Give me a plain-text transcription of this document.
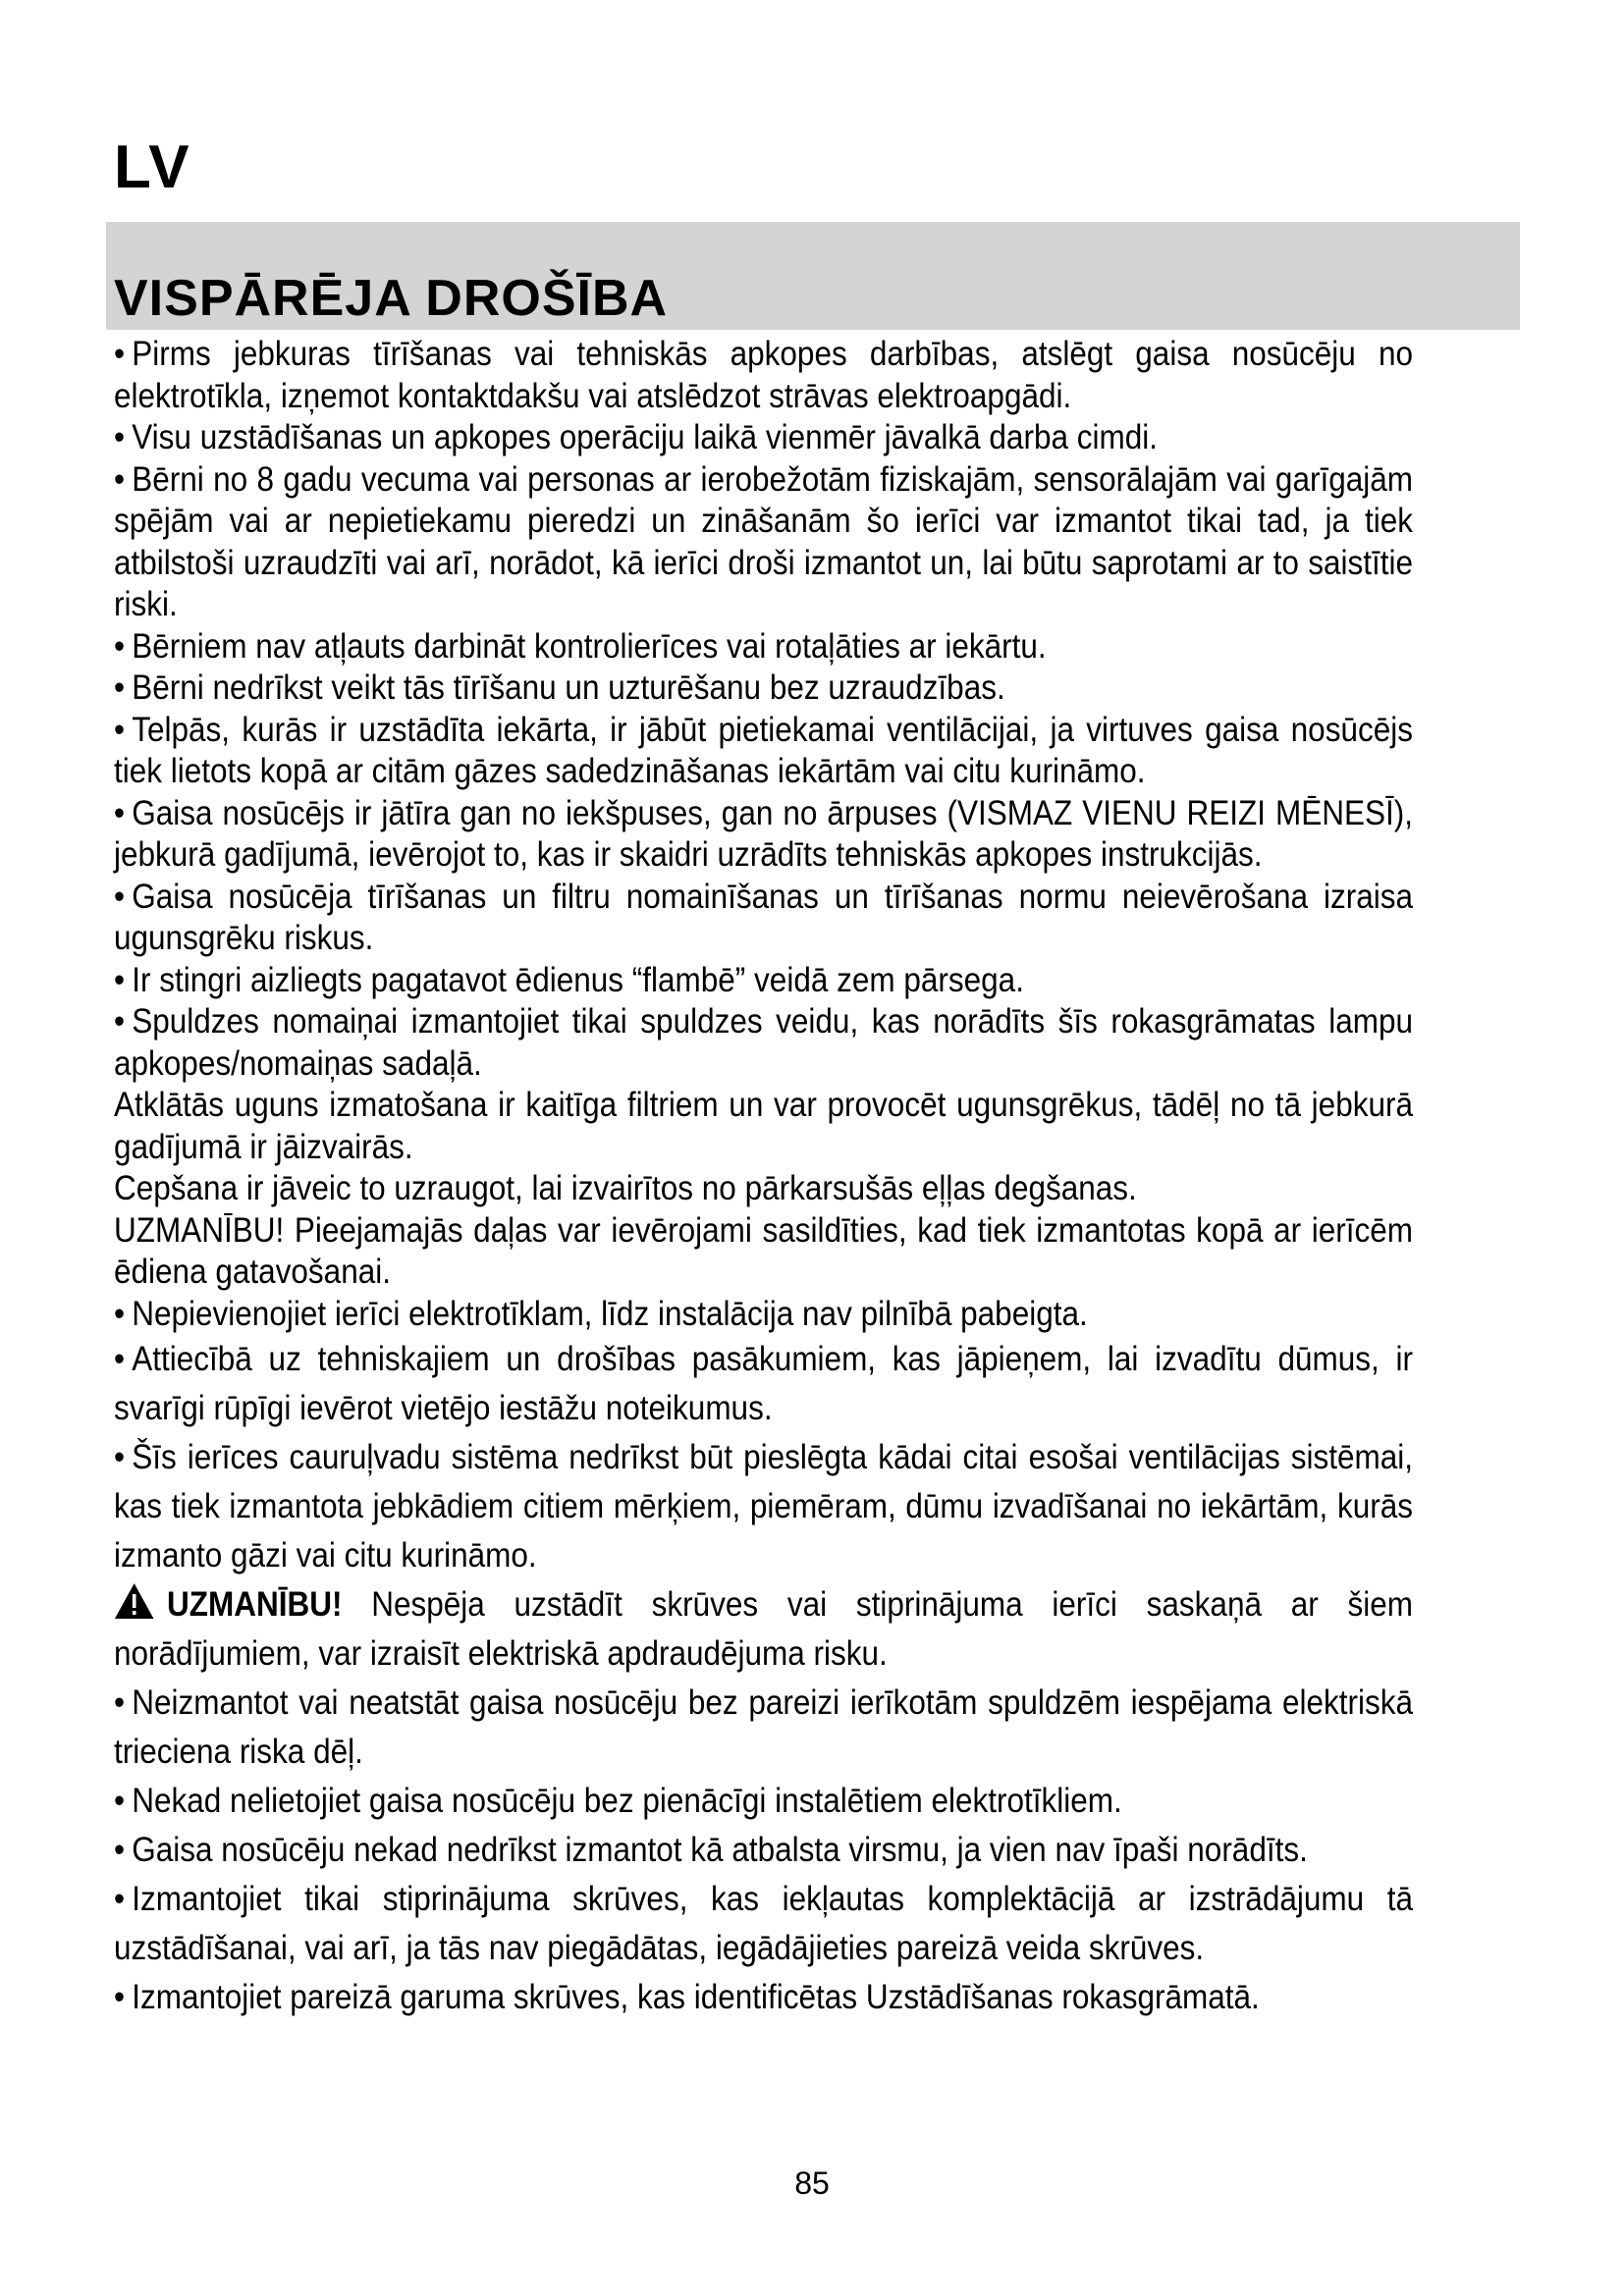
LV
VISPĀRĒJA DROŠĪBA

• Pirms jebkuras tīrīšanas vai tehniskās apkopes darbības, atslēgt gaisa nosūcēju no elektrotīkla, izņemot kontaktdakšu vai atslēdzot strāvas elektroapgādi.

• Visu uzstādīšanas un apkopes operāciju laikā vienmēr jāvalkā darba cimdi.

• Bērni no 8 gadu vecuma vai personas ar ierobežotām fiziskajām, sensorālajām vai garīgajām spējām vai ar nepietiekamu pieredzi un zināšanām šo ierīci var izmantot tikai tad, ja tiek atbilstoši uzraudzīti vai arī, norādot, kā ierīci droši izmantot un, lai būtu saprotami ar to saistītie riski.

• Bērniem nav atļauts darbināt kontrolierīces vai rotaļāties ar iekārtu.

• Bērni nedrīkst veikt tās tīrīšanu un uzturēšanu bez uzraudzības.

• Telpās, kurās ir uzstādīta iekārta, ir jābūt pietiekamai ventilācijai, ja virtuves gaisa nosūcējs tiek lietots kopā ar citām gāzes sadedzināšanas iekārtām vai citu kurināmo.

• Gaisa nosūcējs ir jātīra gan no iekšpuses, gan no ārpuses (VISMAZ VIENU REIZI MĒNESĪ), jebkurā gadījumā, ievērojot to, kas ir skaidri uzrādīts tehniskās apkopes instrukcijās.

• Gaisa nosūcēja tīrīšanas un filtru nomainīšanas un tīrīšanas normu neievērošana izraisa ugunsgrēku riskus.

• Ir stingri aizliegts pagatavot ēdienus “flambē” veidā zem pārsega.

• Spuldzes nomaiņai izmantojiet tikai spuldzes veidu, kas norādīts šīs rokasgrāmatas lampu apkopes/nomaiņas sadaļā.

Atklātās uguns izmatošana ir kaitīga filtriem un var provocēt ugunsgrēkus, tādēļ no tā jebkurā gadījumā ir jāizvairās.

Cepšana ir jāveic to uzraugot, lai izvairītos no pārkarsušās eļļas degšanas.

UZMANĪBU! Pieejamajās daļas var ievērojami sasildīties, kad tiek izmantotas kopā ar ierīcēm ēdiena gatavošanai.

• Nepievienojiet ierīci elektrotīklam, līdz instalācija nav pilnībā pabeigta.

• Attiecībā uz tehniskajiem un drošības pasākumiem, kas jāpieņem, lai izvadītu dūmus, ir svarīgi rūpīgi ievērot vietējo iestāžu noteikumus.

• Šīs ierīces cauruļvadu sistēma nedrīkst būt pieslēgta kādai citai esošai ventilācijas sistēmai, kas tiek izmantota jebkādiem citiem mērķiem, piemēram, dūmu izvadīšanai no iekārtām, kurās izmanto gāzi vai citu kurināmo.

UZMANĪBU! Nespēja uzstādīt skrūves vai stiprinājuma ierīci saskaņā ar šiem norādījumiem, var izraisīt elektriskā apdraudējuma risku.

• Neizmantot vai neatstāt gaisa nosūcēju bez pareizi ierīkotām spuldzēm iespējama elektriskā trieciena riska dēļ.

• Nekad nelietojiet gaisa nosūcēju bez pienācīgi instalētiem elektrotīkliem.

• Gaisa nosūcēju nekad nedrīkst izmantot kā atbalsta virsmu, ja vien nav īpaši norādīts.

• Izmantojiet tikai stiprinājuma skrūves, kas iekļautas komplektācijā ar izstrādājumu tā uzstādīšanai, vai arī, ja tās nav piegādātas, iegādājieties pareizā veida skrūves.

• Izmantojiet pareizā garuma skrūves, kas identificētas Uzstādīšanas rokasgrāmatā.

85
